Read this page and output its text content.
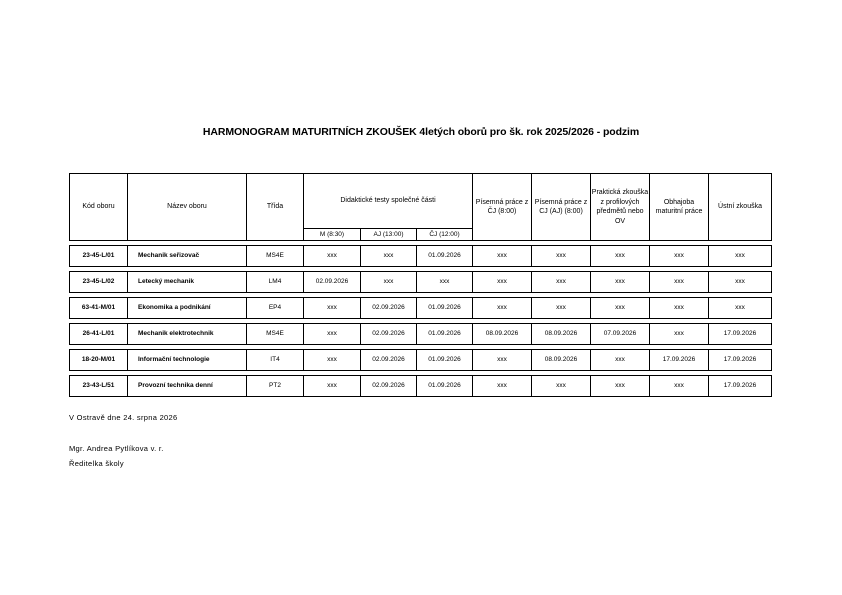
HARMONOGRAM MATURITNÍCH ZKOUŠEK 4letých oborů pro šk. rok 2025/2026 - podzim
Kód oboru	Název oboru	Třída	Didaktické testy společné části			Písemná práce z ČJ (8:00)	Písemná práce z CJ (AJ) (8:00)	Praktická zkouška z profilových předmětů nebo OV	Obhajoba maturitní práce	Ústní zkouška
			M (8:30)	AJ (13:00)	ČJ (12:00)					

23-45-L/01	Mechanik seřizovač	MS4E	xxx	xxx	01.09.2026	xxx	xxx	xxx	xxx	xxx

23-45-L/02	Letecký mechanik	LM4	02.09.2026	xxx	xxx	xxx	xxx	xxx	xxx	xxx

63-41-M/01	Ekonomika a podnikání	EP4	xxx	02.09.2026	01.09.2026	xxx	xxx	xxx	xxx	xxx

26-41-L/01	Mechanik elektrotechnik	MS4E	xxx	02.09.2026	01.09.2026	08.09.2026	08.09.2026	07.09.2026	xxx	17.09.2026

18-20-M/01	Informační technologie	IT4	xxx	02.09.2026	01.09.2026	xxx	08.09.2026	xxx	17.09.2026	17.09.2026

23-43-L/51	Provozní technika denní	PT2	xxx	02.09.2026	01.09.2026	xxx	xxx	xxx	xxx	17.09.2026
V Ostravě dne 24. srpna 2026
Mgr. Andrea Pytlíkova v. r.
Ředitelka školy
